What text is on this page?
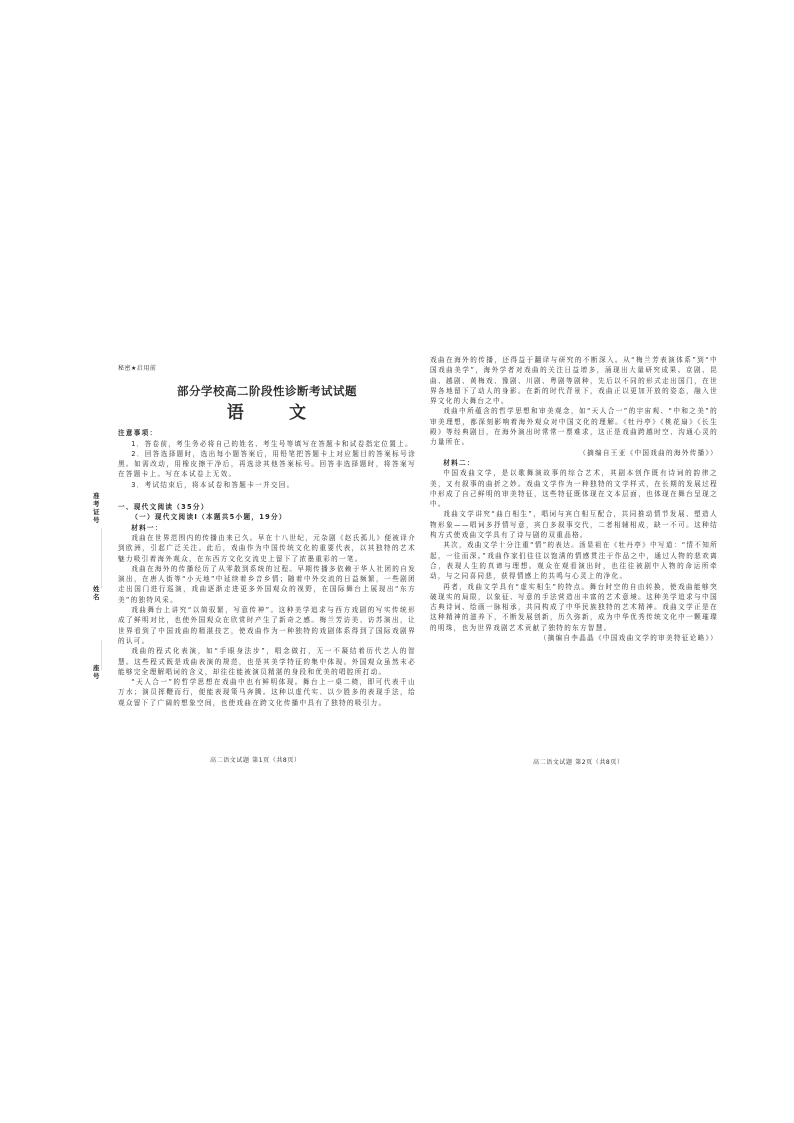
准考证号
姓名
座号
秘密★启用前
部分学校高二阶段性诊断考试试题
语	文

注意事项：

1．答卷前，考生务必将自己的姓名、考生号等填写在答题卡和试卷指定位置上。

2．回答选择题时，选出每小题答案后，用铅笔把答题卡上对应题目的答案标号涂黑。如需改动，用橡皮擦干净后，再选涂其他答案标号。回答非选择题时，将答案写在答题卡上。写在本试卷上无效。

3．考试结束后，将本试卷和答题卡一并交回。

一、现代文阅读（35分）

（一）现代文阅读Ⅰ（本题共5小题，19分）

材料一：

戏曲在世界范围内的传播由来已久。早在十八世纪，元杂剧《赵氏孤儿》便被译介到欧洲，引起广泛关注。此后，戏曲作为中国传统文化的重要代表，以其独特的艺术魅力吸引着海外观众，在东西方文化交流史上留下了浓墨重彩的一笔。

戏曲在海外的传播经历了从零散到系统的过程。早期传播多依赖于华人社团的自发演出，在唐人街等“小天地”中延续着乡音乡情；随着中外交流的日益频繁，一些剧团走出国门进行巡演，戏曲逐渐走进更多外国观众的视野，在国际舞台上展现出“东方美”的独特风采。

戏曲舞台上讲究“以简驭繁，写意传神”。这种美学追求与西方戏剧的写实传统形成了鲜明对比，也使外国观众在欣赏时产生了新奇之感。梅兰芳访美、访苏演出，让世界看到了中国戏曲的精湛技艺，使戏曲作为一种独特的戏剧体系得到了国际戏剧界的认可。

戏曲的程式化表演，如“手眼身法步”，唱念做打，无一不凝结着历代艺人的智慧。这些程式既是戏曲表演的规范，也是其美学特征的集中体现。外国观众虽然未必能够完全理解唱词的含义，却往往能被演员精湛的身段和优美的唱腔所打动。

“天人合一”的哲学思想在戏曲中也有鲜明体现。舞台上一桌二椅，即可代表千山万水；演员挥鞭而行，便能表现策马奔腾。这种以虚代实、以少胜多的表现手法，给观众留下了广阔的想象空间，也使戏曲在跨文化传播中具有了独特的吸引力。

高二语文试题 第1页（共8页）

戏曲在海外的传播，还得益于翻译与研究的不断深入。从“梅兰芳表演体系”到“中国戏曲美学”，海外学者对戏曲的关注日益增多，涌现出大量研究成果。京剧、昆曲、越剧、黄梅戏、豫剧、川剧、粤剧等剧种，先后以不同的形式走出国门，在世界各地留下了动人的身影。在新的时代背景下，戏曲正以更加开放的姿态，融入世界文化的大舞台之中。

戏曲中所蕴含的哲学思想和审美观念，如“天人合一”的宇宙观、“中和之美”的审美理想，都深刻影响着海外观众对中国文化的理解。《牡丹亭》《桃花扇》《长生殿》等经典剧目，在海外演出时常常一票难求，这正是戏曲跨越时空、沟通心灵的力量所在。

（摘编自王亚《中国戏曲的海外传播》）

材料二：

中国戏曲文学，是以歌舞演故事的综合艺术，其剧本创作既有诗词的韵律之美，又有叙事的曲折之妙。戏曲文学作为一种独特的文学样式，在长期的发展过程中形成了自己鲜明的审美特征，这些特征既体现在文本层面，也体现在舞台呈现之中。

戏曲文学讲究“曲白相生”，唱词与宾白相互配合，共同推动情节发展、塑造人物形象——唱词多抒情写意，宾白多叙事交代，二者相辅相成，缺一不可。这种结构方式使戏曲文学具有了诗与剧的双重品格。

其次，戏曲文学十分注重“情”的表达。汤显祖在《牡丹亭》中写道：“情不知所起，一往而深。”戏曲作家们往往以饱满的情感贯注于作品之中，通过人物的悲欢离合，表现人生的真谛与理想。观众在观看演出时，也往往被剧中人物的命运所牵动，与之同喜同悲，获得情感上的共鸣与心灵上的净化。

再者，戏曲文学具有“虚实相生”的特点。舞台时空的自由转换，使戏曲能够突破现实的局限，以象征、写意的手法营造出丰富的艺术意境。这种美学追求与中国古典诗词、绘画一脉相承，共同构成了中华民族独特的艺术精神。戏曲文学正是在这种精神的滋养下，不断发展创新，历久弥新，成为中华优秀传统文化中一颗璀璨的明珠，也为世界戏剧艺术贡献了独特的东方智慧。

（摘编自李晶晶《中国戏曲文学的审美特征论略》）

高二语文试题 第2页（共8页）
